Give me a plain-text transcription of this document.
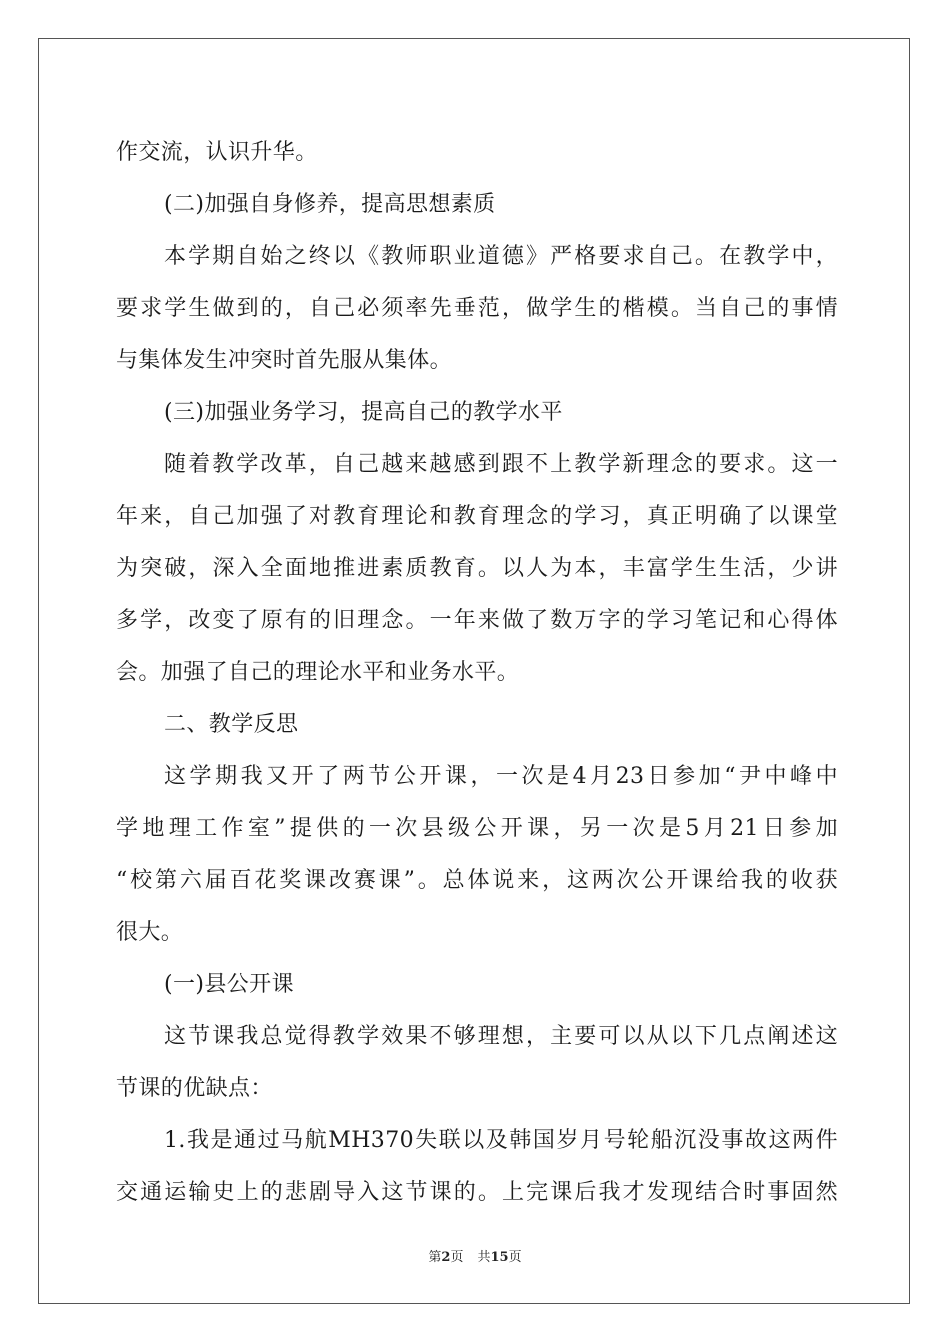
作交流，认识升华。
(二)加强自身修养，提高思想素质
本学期自始之终以《教师职业道德》严格要求自己。在教学中，
要求学生做到的，自己必须率先垂范，做学生的楷模。当自己的事情
与集体发生冲突时首先服从集体。
(三)加强业务学习，提高自己的教学水平
随着教学改革，自己越来越感到跟不上教学新理念的要求。这一
年来，自己加强了对教育理论和教育理念的学习，真正明确了以课堂
为突破，深入全面地推进素质教育。以人为本，丰富学生生活，少讲
多学，改变了原有的旧理念。一年来做了数万字的学习笔记和心得体
会。加强了自己的理论水平和业务水平。
二、教学反思
这学期我又开了两节公开课，一次是4月23日参加“尹中峰中
学地理工作室”提供的一次县级公开课，另一次是5月21日参加
“校第六届百花奖课改赛课”。总体说来，这两次公开课给我的收获
很大。
(一)县公开课
这节课我总觉得教学效果不够理想，主要可以从以下几点阐述这
节课的优缺点：
1.我是通过马航MH370失联以及韩国岁月号轮船沉没事故这两件
交通运输史上的悲剧导入这节课的。上完课后我才发现结合时事固然
第2页 共15页
